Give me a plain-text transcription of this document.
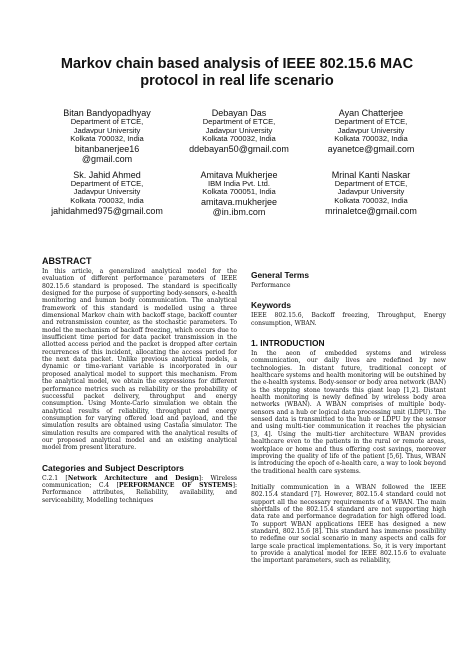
Markov chain based analysis of IEEE 802.15.6 MAC protocol in real life scenario
Bitan Bandyopadhyay
Department of ETCE,
Jadavpur University
Kolkata 700032, India
bitanbanerjee16
@gmail.com
Debayan Das
Department of ETCE,
Jadavpur University
Kolkata 700032, India
ddebayan50@gmail.com
Ayan Chatterjee
Department of ETCE,
Jadavpur University
Kolkata 700032, India
ayanetce@gmail.com
Sk. Jahid Ahmed
Department of ETCE,
Jadavpur University
Kolkata 700032, India
jahidahmed975@gmail.com
Amitava Mukherjee
IBM India Pvt. Ltd.
Kolkata 700051, India
amitava.mukherjee
@in.ibm.com
Mrinal Kanti Naskar
Department of ETCE,
Jadavpur University
Kolkata 700032, India
mrinaletce@gmail.com
ABSTRACT
In this article, a generalized analytical model for the evaluation of different performance parameters of IEEE 802.15.6 standard is proposed. The standard is specifically designed for the purpose of supporting body-sensors, e-health monitoring and human body communication. The analytical framework of this standard is modelled using a three dimensional Markov chain with backoff stage, backoff counter and retransmission counter, as the stochastic parameters. To model the mechanism of backoff freezing, which occurs due to insufficient time period for data packet transmission in the allotted access period and the packet is dropped after certain recurrences of this incident, allocating the access period for the next data packet. Unlike previous analytical models, a dynamic or time-variant variable is incorporated in our proposed analytical model to support this mechanism. From the analytical model, we obtain the expressions for different performance metrics such as reliability or the probability of successful packet delivery, throughput and energy consumption. Using Monte-Carlo simulation we obtain the analytical results of reliability, throughput and energy consumption for varying offered load and payload, and the simulation results are obtained using Castalia simulator. The simulation results are compared with the analytical results of our proposed analytical model and an existing analytical model from present literature.
Categories and Subject Descriptors
C.2.1 [Network Architecture and Design]: Wireless communication; C.4 [PERFORMANCE OF SYSTEMS]: Performance attributes, Reliability, availability, and serviceability, Modelling techniques
General Terms
Performance
Keywords
IEEE 802.15.6, Backoff freezing, Throughput, Energy consumption, WBAN.
1. INTRODUCTION
In the aeon of embedded systems and wireless communication, our daily lives are redefined by new technologies. In distant future, traditional concept of healthcare systems and health monitoring will be outshined by the e-health systems. Body-sensor or body area network (BAN) is the stepping stone towards this giant leap [1,2]. Distant health monitoring is newly defined by wireless body area networks (WBAN). A WBAN comprises of multiple body-sensors and a hub or logical data processing unit (LDPU). The sensed data is transmitted to the hub or LDPU by the sensor and using multi-tier communication it reaches the physician [3, 4]. Using the multi-tier architecture WBAN provides healthcare even to the patients in the rural or remote areas, workplace or home and thus offering cost savings, moreover improving the quality of life of the patient [5,6]. Thus, WBAN is introducing the epoch of e-health care, a way to look beyond the traditional health care systems.
Initially communication in a WBAN followed the IEEE 802.15.4 standard [7]. However, 802.15.4 standard could not support all the necessary requirements of a WBAN. The main shortfalls of the 802.15.4 standard are not supporting high data rate and performance degradation for high offered load. To support WBAN applications IEEE has designed a new standard, 802.15.6 [8]. This standard has immense possibility to redefine our social scenario in many aspects and calls for large scale practical implementations. So, it is very important to provide a analytical model for IEEE 802.15.6 to evaluate the important parameters, such as reliability,
